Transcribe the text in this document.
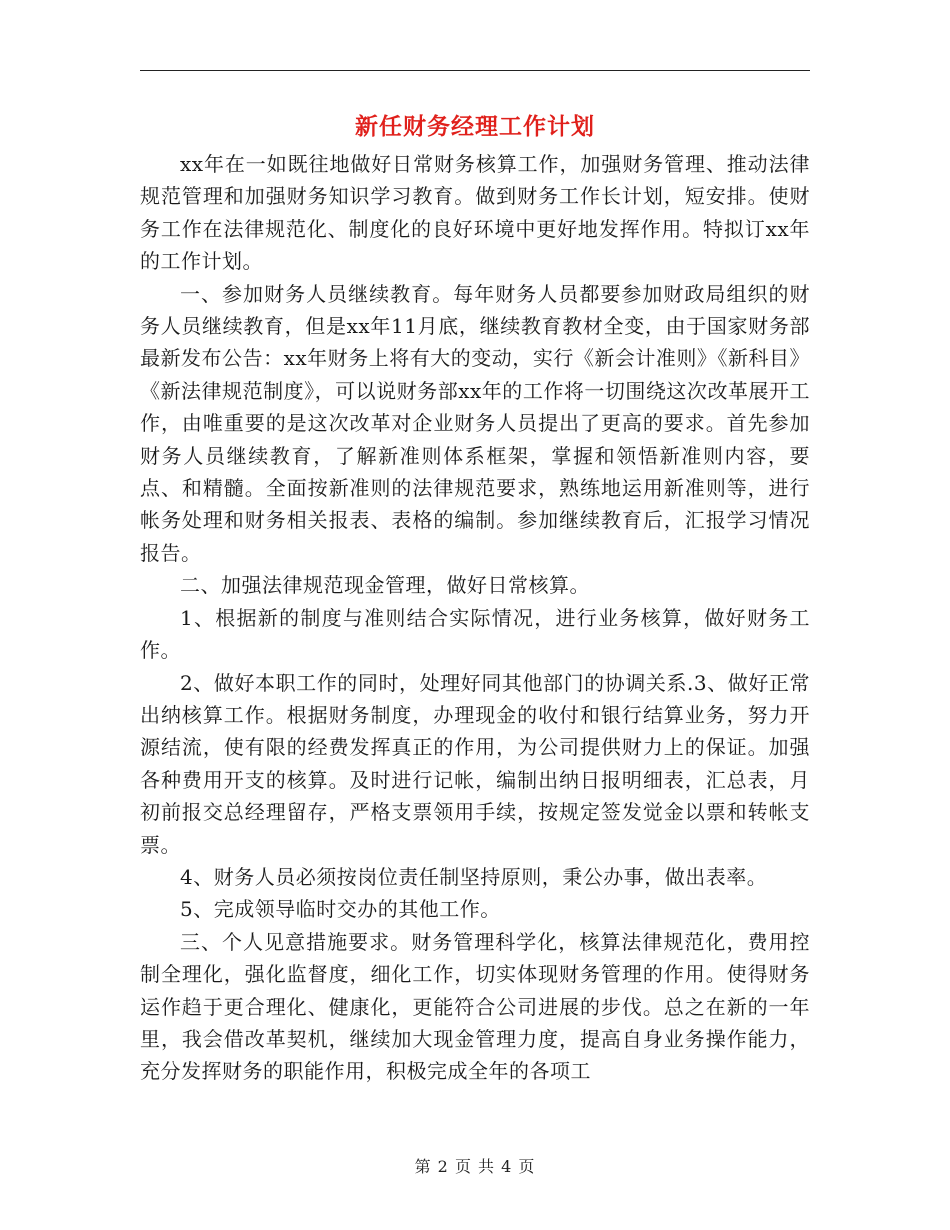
新任财务经理工作计划

xx年在一如既往地做好日常财务核算工作，加强财务管理、推动法律规范管理和加强财务知识学习教育。做到财务工作长计划，短安排。使财务工作在法律规范化、制度化的良好环境中更好地发挥作用。特拟订xx年的工作计划。

一、参加财务人员继续教育。每年财务人员都要参加财政局组织的财务人员继续教育，但是xx年11月底，继续教育教材全变，由于国家财务部最新发布公告：xx年财务上将有大的变动，实行《新会计准则》《新科目》《新法律规范制度》，可以说财务部xx年的工作将一切围绕这次改革展开工作，由唯重要的是这次改革对企业财务人员提出了更高的要求。首先参加财务人员继续教育，了解新准则体系框架，掌握和领悟新准则内容，要点、和精髓。全面按新准则的法律规范要求，熟练地运用新准则等，进行帐务处理和财务相关报表、表格的编制。参加继续教育后，汇报学习情况报告。

二、加强法律规范现金管理，做好日常核算。

1、根据新的制度与准则结合实际情况，进行业务核算，做好财务工作。

2、做好本职工作的同时，处理好同其他部门的协调关系.3、做好正常出纳核算工作。根据财务制度，办理现金的收付和银行结算业务，努力开源结流，使有限的经费发挥真正的作用，为公司提供财力上的保证。加强各种费用开支的核算。及时进行记帐，编制出纳日报明细表，汇总表，月初前报交总经理留存，严格支票领用手续，按规定签发觉金以票和转帐支票。

4、财务人员必须按岗位责任制坚持原则，秉公办事，做出表率。

5、完成领导临时交办的其他工作。

三、个人见意措施要求。财务管理科学化，核算法律规范化，费用控制全理化，强化监督度，细化工作，切实体现财务管理的作用。使得财务运作趋于更合理化、健康化，更能符合公司进展的步伐。总之在新的一年里，我会借改革契机，继续加大现金管理力度，提高自身业务操作能力，充分发挥财务的职能作用，积极完成全年的各项工

第 2 页 共 4 页
